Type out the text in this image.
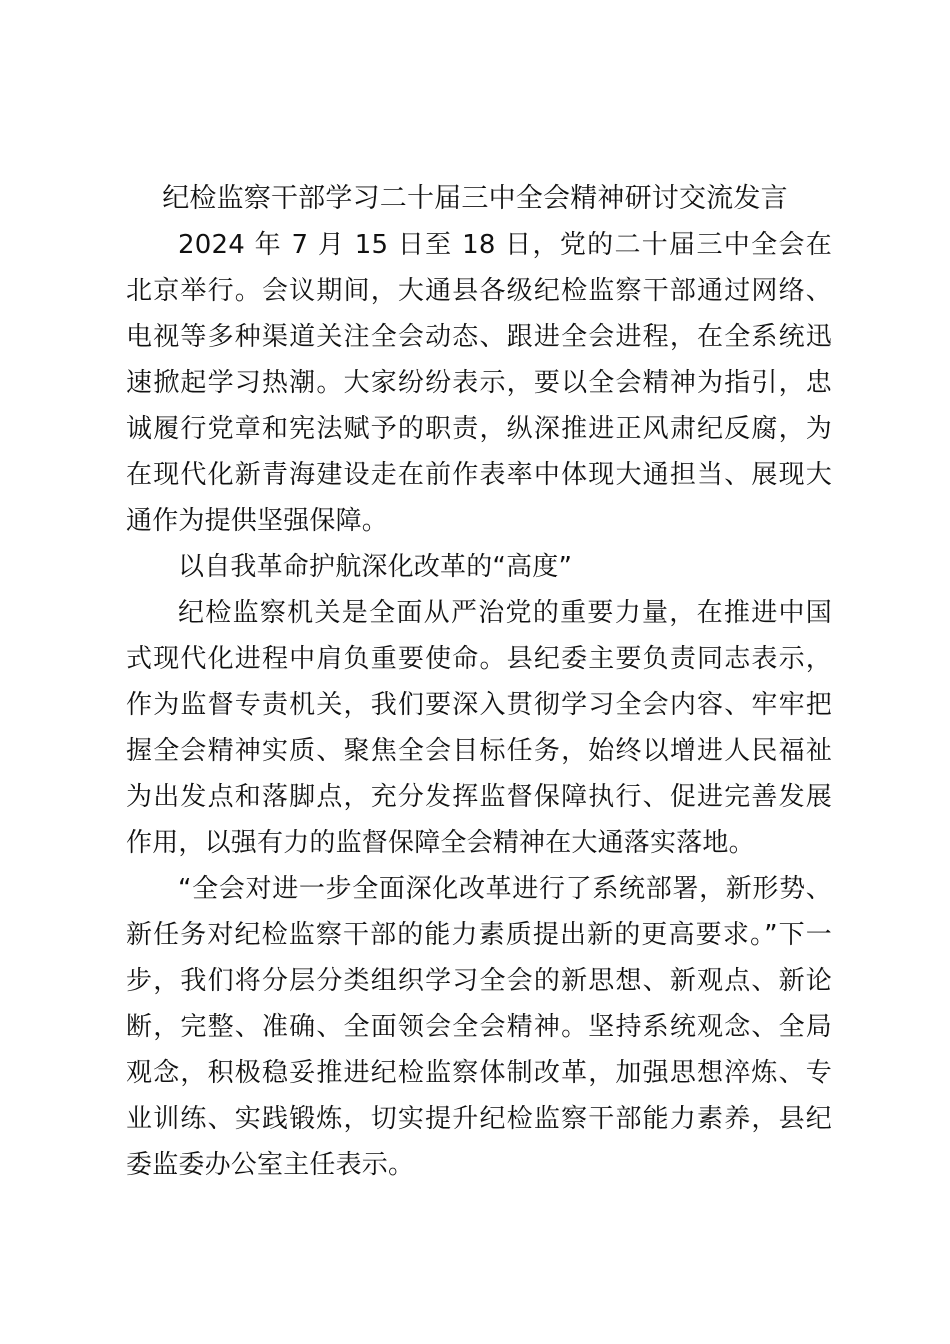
纪检监察干部学习二十届三中全会精神研讨交流发言

2024 年 7 月 15 日至 18 日，党的二十届三中全会在北京举行。会议期间，大通县各级纪检监察干部通过网络、电视等多种渠道关注全会动态、跟进全会进程，在全系统迅速掀起学习热潮。大家纷纷表示，要以全会精神为指引，忠诚履行党章和宪法赋予的职责，纵深推进正风肃纪反腐，为在现代化新青海建设走在前作表率中体现大通担当、展现大通作为提供坚强保障。

以自我革命护航深化改革的“高度”

纪检监察机关是全面从严治党的重要力量，在推进中国式现代化进程中肩负重要使命。县纪委主要负责同志表示，作为监督专责机关，我们要深入贯彻学习全会内容、牢牢把握全会精神实质、聚焦全会目标任务，始终以增进人民福祉为出发点和落脚点，充分发挥监督保障执行、促进完善发展作用，以强有力的监督保障全会精神在大通落实落地。

“全会对进一步全面深化改革进行了系统部署，新形势、新任务对纪检监察干部的能力素质提出新的更高要求。”下一步，我们将分层分类组织学习全会的新思想、新观点、新论断，完整、准确、全面领会全会精神。坚持系统观念、全局观念，积极稳妥推进纪检监察体制改革，加强思想淬炼、专业训练、实践锻炼，切实提升纪检监察干部能力素养，县纪委监委办公室主任表示。
